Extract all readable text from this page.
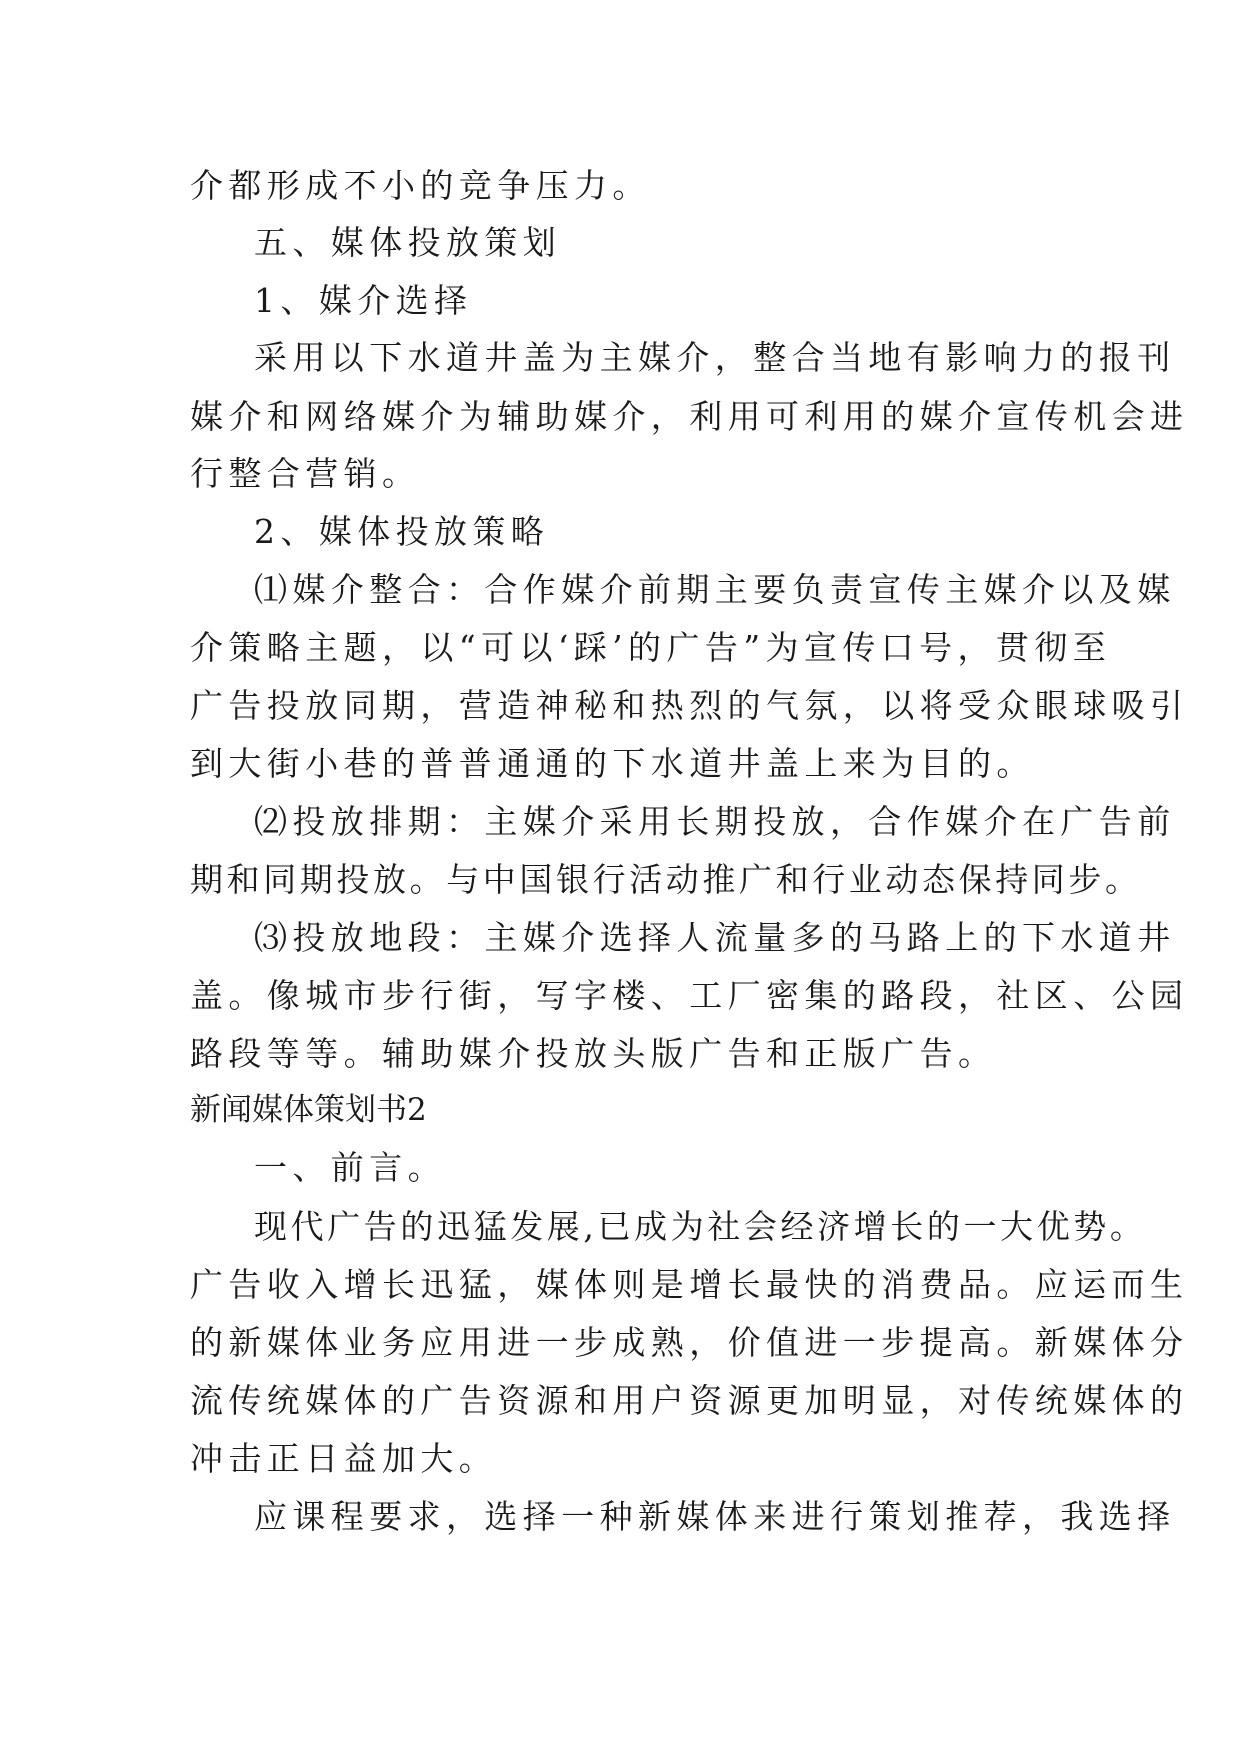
介都形成不小的竞争压力。
五、媒体投放策划
1、媒介选择
采用以下水道井盖为主媒介，整合当地有影响力的报刊
媒介和网络媒介为辅助媒介，利用可利用的媒介宣传机会进
行整合营销。
2、媒体投放策略
⑴媒介整合：合作媒介前期主要负责宣传主媒介以及媒
介策略主题，以“可以‘踩’的广告”为宣传口号，贯彻至
广告投放同期，营造神秘和热烈的气氛，以将受众眼球吸引
到大街小巷的普普通通的下水道井盖上来为目的。
⑵投放排期：主媒介采用长期投放，合作媒介在广告前
期和同期投放。与中国银行活动推广和行业动态保持同步。
⑶投放地段：主媒介选择人流量多的马路上的下水道井
盖。像城市步行街，写字楼、工厂密集的路段，社区、公园
路段等等。辅助媒介投放头版广告和正版广告。
新闻媒体策划书2
一、前言。
现代广告的迅猛发展,已成为社会经济增长的一大优势。
广告收入增长迅猛，媒体则是增长最快的消费品。应运而生
的新媒体业务应用进一步成熟，价值进一步提高。新媒体分
流传统媒体的广告资源和用户资源更加明显，对传统媒体的
冲击正日益加大。
应课程要求，选择一种新媒体来进行策划推荐，我选择
